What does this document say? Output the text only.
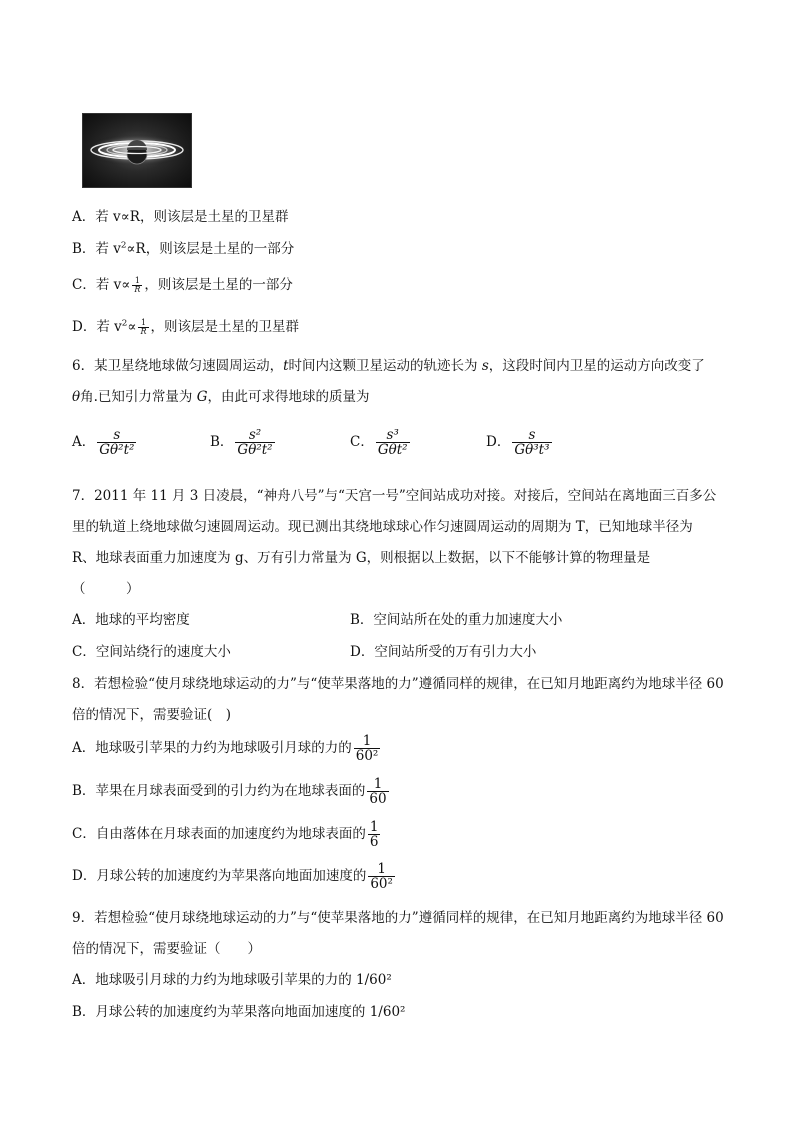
A．若 v∝R，则该层是土星的卫星群
B．若 $v^2\propto R$，则该层是土星的一部分
C．若 $v\propto \frac{1}{R}$ ，则该层是土星的一部分
D．若 $v^2\propto \frac{1}{R}$ ，则该层是土星的卫星群
6．某卫星绕地球做匀速圆周运动，t时间内这颗卫星运动的轨迹长为 s，这段时间内卫星的运动方向改变了
θ角.已知引力常量为 G，由此可求得地球的质量为
A． $\frac{s}{\text{Gθ²t²}}$	B． $\frac{\text{s²}}{\text{Gθ²t²}}$	C． $\frac{\text{s³}}{\text{Gθt²}}$	D． $\frac{s}{\text{Gθ³t³}}$
7．2011 年 11 月 3 日凌晨，“神舟八号”与“天宫一号”空间站成功对接。对接后，空间站在离地面三百多公
里的轨道上绕地球做匀速圆周运动。现已测出其绕地球球心作匀速圆周运动的周期为 T，已知地球半径为
R、地球表面重力加速度为 g、万有引力常量为 G，则根据以上数据，以下不能够计算的物理量是
（　　　）
A．地球的平均密度	B．空间站所在处的重力加速度大小
C．空间站绕行的速度大小	D．空间站所受的万有引力大小
8．若想检验“使月球绕地球运动的力”与“使苹果落地的力”遵循同样的规律，在已知月地距离约为地球半径 60
倍的情况下，需要验证(　)
A．地球吸引苹果的力约为地球吸引月球的力的 $\frac{1}{\text{60²}}$
B．苹果在月球表面受到的引力约为在地球表面的 $\frac{1}{60}$
C．自由落体在月球表面的加速度约为地球表面的 $\frac{1}{6}$
D．月球公转的加速度约为苹果落向地面加速度的 $\frac{1}{\text{60²}}$
9．若想检验“使月球绕地球运动的力”与“使苹果落地的力”遵循同样的规律，在已知月地距离约为地球半径 60
倍的情况下，需要验证（　　）
A．地球吸引月球的力约为地球吸引苹果的力的 1/60²
B．月球公转的加速度约为苹果落向地面加速度的 1/60²
